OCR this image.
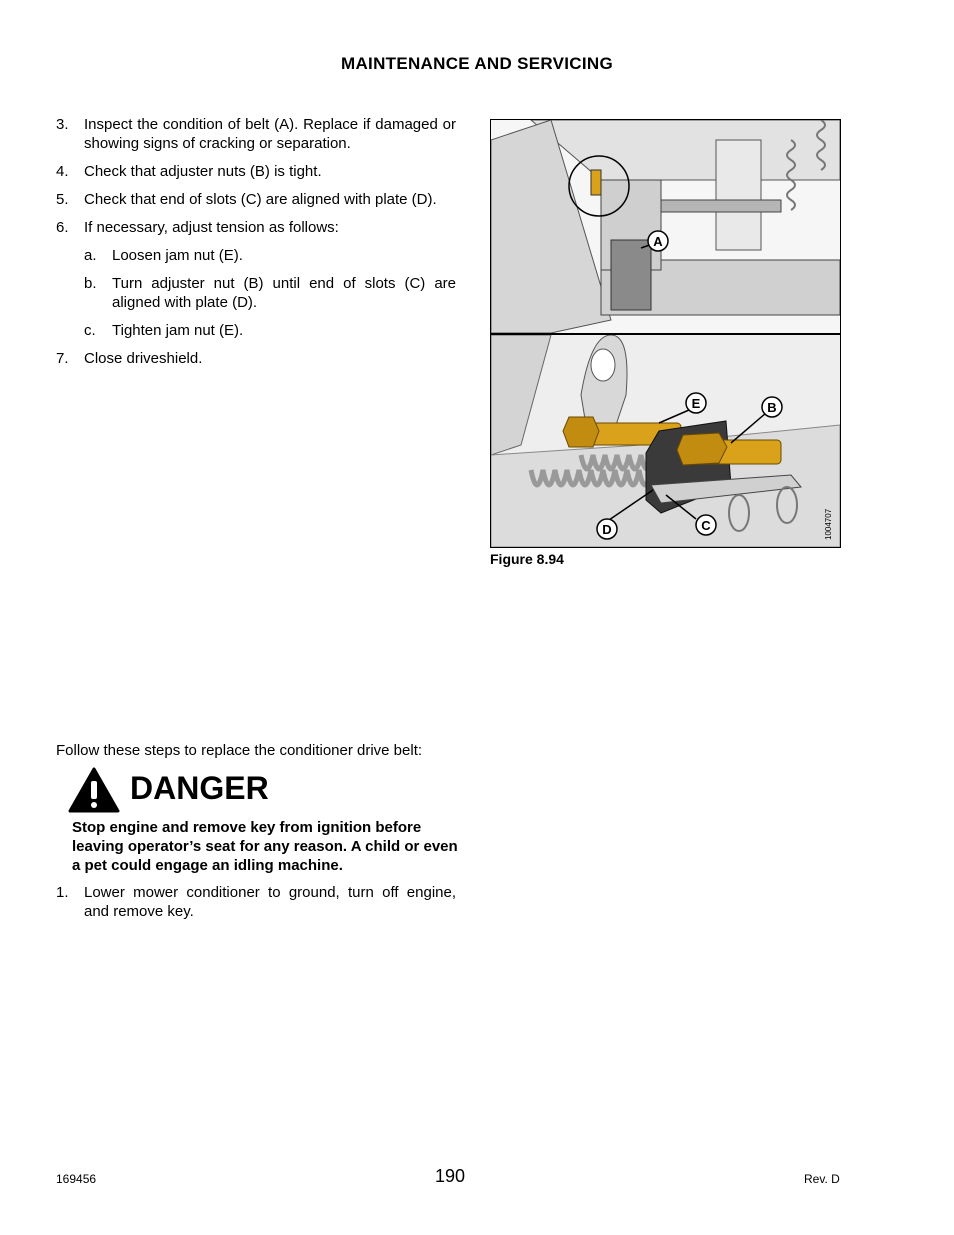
MAINTENANCE AND SERVICING
3. Inspect the condition of belt (A). Replace if damaged or showing signs of cracking or separation.
4. Check that adjuster nuts (B) is tight.
5. Check that end of slots (C) are aligned with plate (D).
6. If necessary, adjust tension as follows:
a. Loosen jam nut (E).
b. Turn adjuster nut (B) until end of slots (C) are aligned with plate (D).
c. Tighten jam nut (E).
7. Close driveshield.
A
E	B
D	C	1004707
Figure 8.94
Follow these steps to replace the conditioner drive belt:
DANGER
Stop engine and remove key from ignition before leaving operator’s seat for any reason. A child or even a pet could engage an idling machine.
1. Lower mower conditioner to ground, turn off engine, and remove key.
169456	190	Rev. D
